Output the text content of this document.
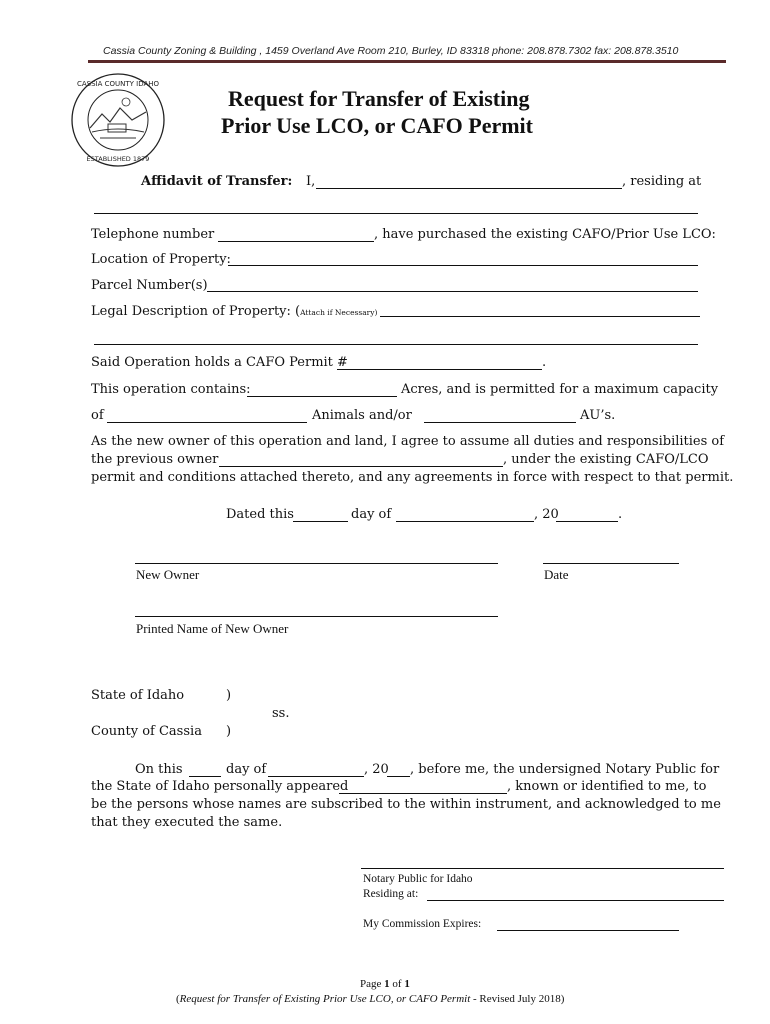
Cassia County Zoning & Building , 1459 Overland Ave Room 210, Burley, ID 83318 phone: 208.878.7302 fax: 208.878.3510
CASSIA COUNTY IDAHO
ESTABLISHED 1879
Request for Transfer of Existing
Prior Use LCO, or CAFO Permit
Affidavit of Transfer: I,	, residing at
Telephone number	, have purchased the existing CAFO/Prior Use LCO:
Location of Property:
Parcel Number(s)
Legal Description of Property: (Attach if Necessary)
Said Operation holds a CAFO Permit #	.
This operation contains:	Acres, and is permitted for a maximum capacity
of	Animals and/or	AU’s.
As the new owner of this operation and land, I agree to assume all duties and responsibilities of
the previous owner	, under the existing CAFO/LCO
permit and conditions attached thereto, and any agreements in force with respect to that permit.
Dated this	day of	, 20	.
New Owner	Date
Printed Name of New Owner
State of Idaho	)
ss.
County of Cassia )
On this	day of	, 20 , before me, the undersigned Notary Public for
the State of Idaho personally appeared	, known or identified to me, to
be the persons whose names are subscribed to the within instrument, and acknowledged to me
that they executed the same.
Notary Public for Idaho
Residing at:
My Commission Expires:
Page 1 of 1
(Request for Transfer of Existing Prior Use LCO, or CAFO Permit - Revised July 2018)
